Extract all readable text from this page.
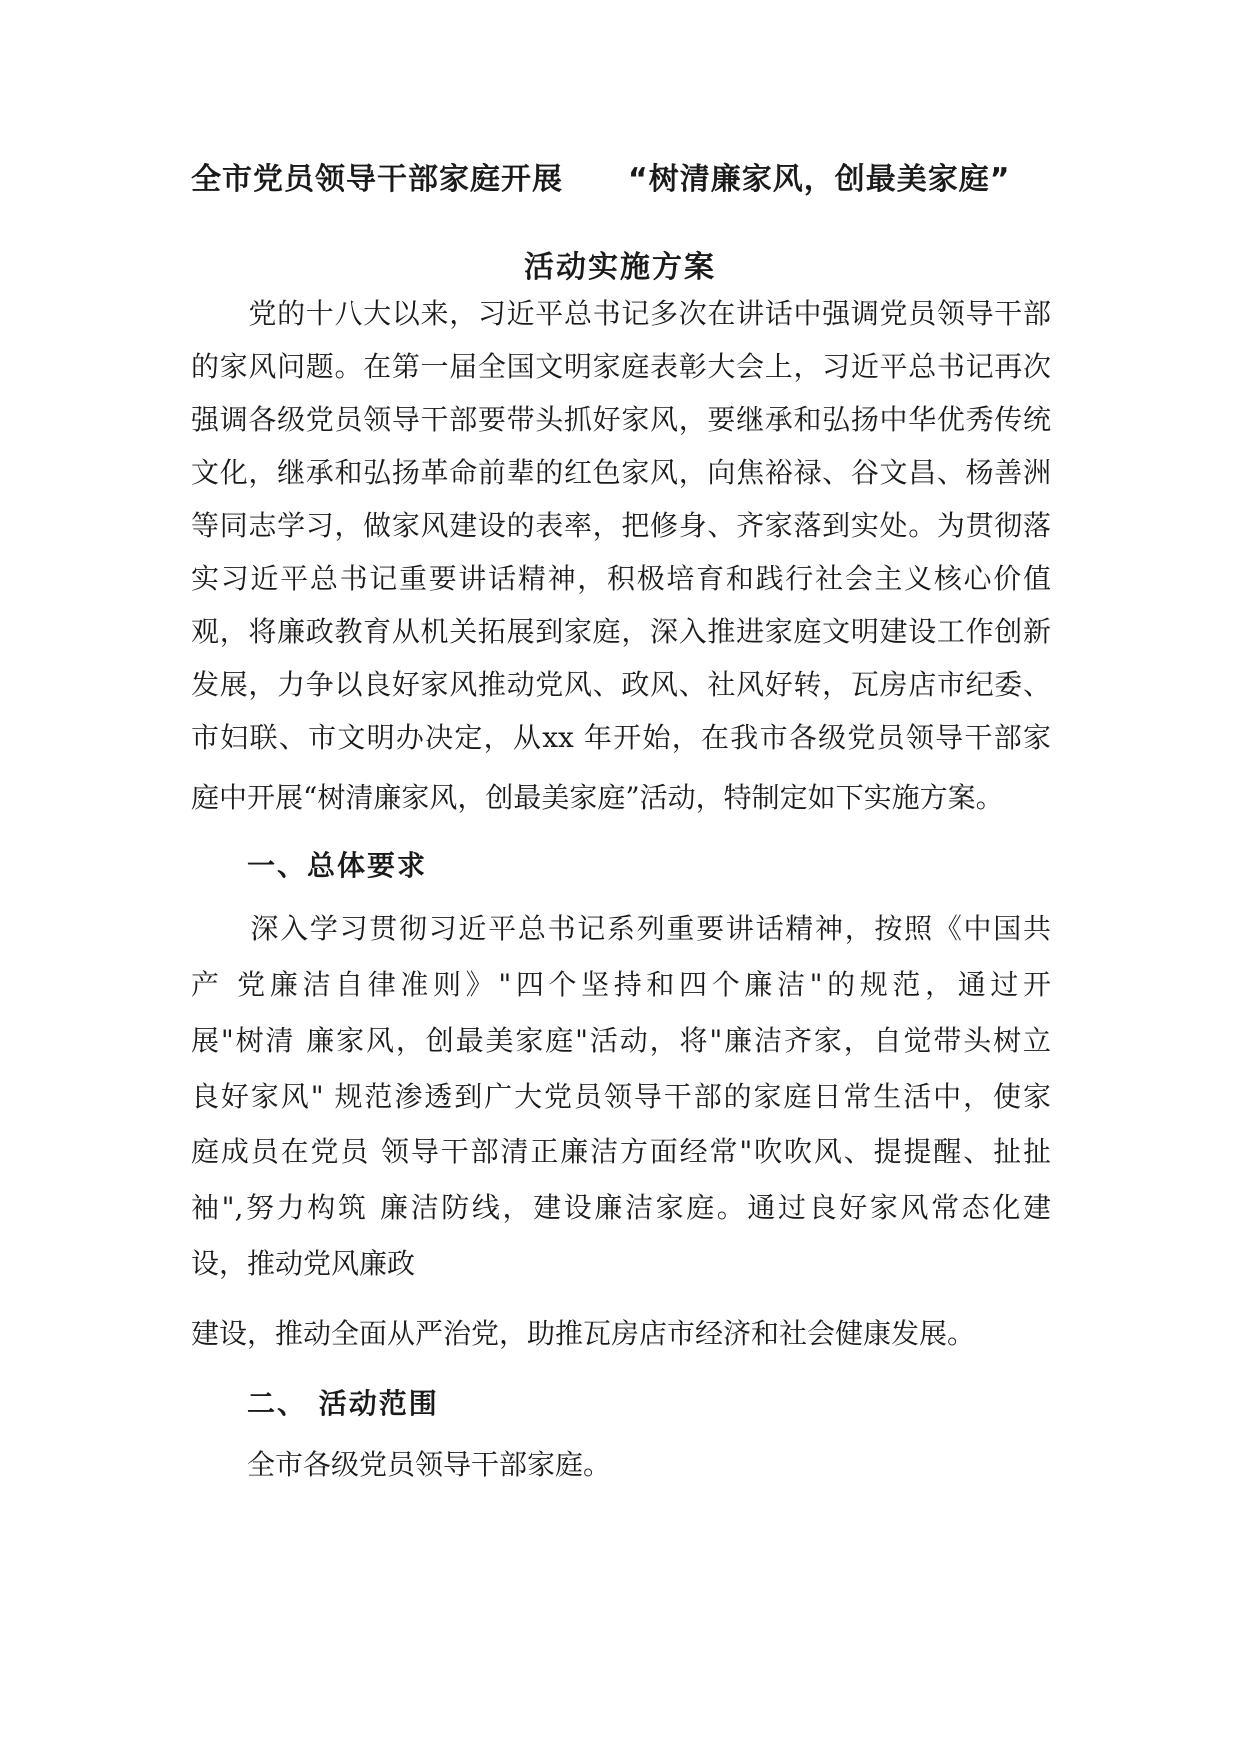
全市党员领导干部家庭开展 “树清廉家风，创最美家庭”
活动实施方案
　　党的十八大以来，习近平总书记多次在讲话中强调党员领导干部
的家风问题。在第一届全国文明家庭表彰大会上，习近平总书记再次
强调各级党员领导干部要带头抓好家风，要继承和弘扬中华优秀传统
文化，继承和弘扬革命前辈的红色家风，向焦裕禄、谷文昌、杨善洲
等同志学习，做家风建设的表率，把修身、齐家落到实处。为贯彻落
实习近平总书记重要讲话精神，积极培育和践行社会主义核心价值
观，将廉政教育从机关拓展到家庭，深入推进家庭文明建设工作创新
发展，力争以良好家风推动党风、政风、社风好转，瓦房店市纪委、
市妇联、市文明办决定，从xx 年开始，在我市各级党员领导干部家
庭中开展“树清廉家风，创最美家庭”活动，特制定如下实施方案。
一、总体要求
　　深入学习贯彻习近平总书记系列重要讲话精神，按照《中国共
产 党廉洁自律准则》"四个坚持和四个廉洁"的规范，通过开
展"树清 廉家风，创最美家庭"活动，将"廉洁齐家，自觉带头树立
良好家风" 规范渗透到广大党员领导干部的家庭日常生活中，使家
庭成员在党员 领导干部清正廉洁方面经常"吹吹风、提提醒、扯扯
袖",努力构筑 廉洁防线，建设廉洁家庭。通过良好家风常态化建
设，推动党风廉政
建设，推动全面从严治党，助推瓦房店市经济和社会健康发展。
二、 活动范围
　　全市各级党员领导干部家庭。
